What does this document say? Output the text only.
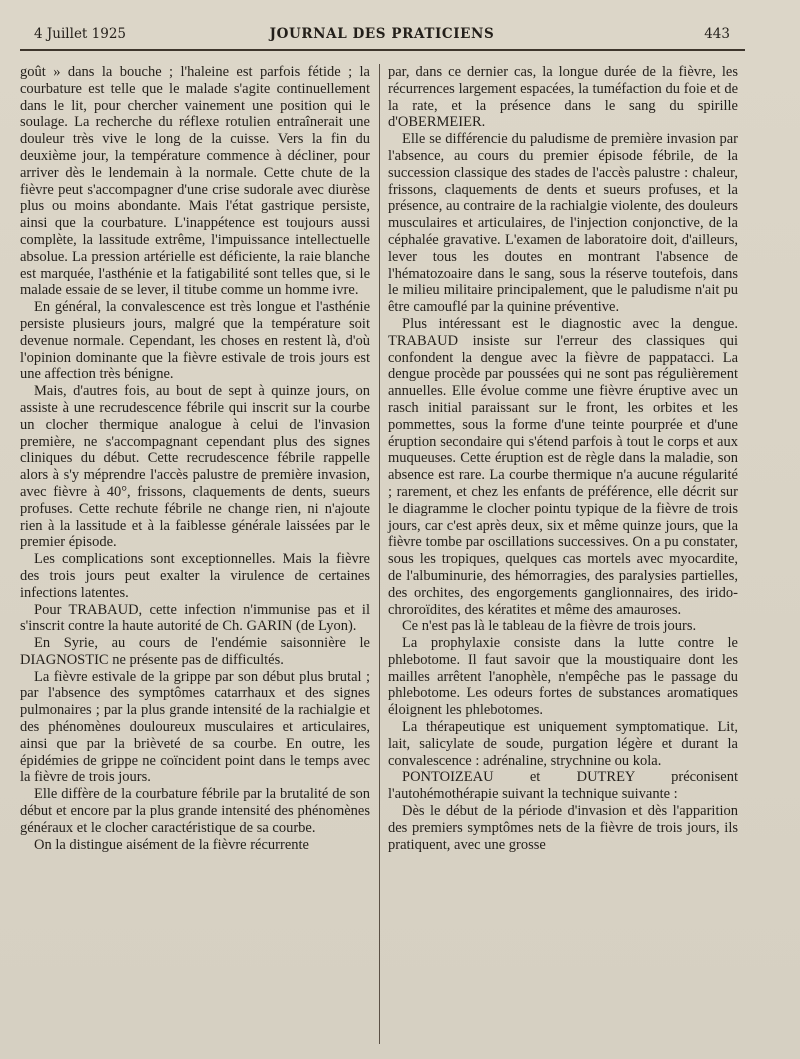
4 Juillet 1925	JOURNAL DES PRATICIENS	443

goût » dans la bouche ; l'haleine est parfois fétide ; la courbature est telle que le malade s'agite continuellement dans le lit, pour chercher vainement une position qui le soulage. La recherche du réflexe rotulien entraînerait une douleur très vive le long de la cuisse. Vers la fin du deuxième jour, la température commence à décliner, pour arriver dès le lendemain à la normale. Cette chute de la fièvre peut s'accompagner d'une crise sudorale avec diurèse plus ou moins abondante. Mais l'état gastrique persiste, ainsi que la courbature. L'inappétence est toujours aussi complète, la lassitude extrême, l'impuissance intellectuelle absolue. La pression artérielle est déficiente, la raie blanche est marquée, l'asthénie et la fatigabilité sont telles que, si le malade essaie de se lever, il titube comme un homme ivre.

En général, la convalescence est très longue et l'asthénie persiste plusieurs jours, malgré que la température soit devenue normale. Cependant, les choses en restent là, d'où l'opinion dominante que la fièvre estivale de trois jours est une affection très bénigne.

Mais, d'autres fois, au bout de sept à quinze jours, on assiste à une recrudescence fébrile qui inscrit sur la courbe un clocher thermique analogue à celui de l'invasion première, ne s'accompagnant cependant plus des signes cliniques du début. Cette recrudescence fébrile rappelle alors à s'y méprendre l'accès palustre de première invasion, avec fièvre à 40°, frissons, claquements de dents, sueurs profuses. Cette rechute fébrile ne change rien, ni n'ajoute rien à la lassitude et à la faiblesse générale laissées par le premier épisode.

Les complications sont exceptionnelles. Mais la fièvre des trois jours peut exalter la virulence de certaines infections latentes.

Pour TRABAUD, cette infection n'immunise pas et il s'inscrit contre la haute autorité de Ch. GARIN (de Lyon).

En Syrie, au cours de l'endémie saisonnière le DIAGNOSTIC ne présente pas de difficultés.

La fièvre estivale de la grippe par son début plus brutal ; par l'absence des symptômes catarrhaux et des signes pulmonaires ; par la plus grande intensité de la rachialgie et des phénomènes douloureux musculaires et articulaires, ainsi que par la brièveté de sa courbe. En outre, les épidémies de grippe ne coïncident point dans le temps avec la fièvre de trois jours.

Elle diffère de la courbature fébrile par la brutalité de son début et encore par la plus grande intensité des phénomènes généraux et le clocher caractéristique de sa courbe.

On la distingue aisément de la fièvre récurrente

par, dans ce dernier cas, la longue durée de la fièvre, les récurrences largement espacées, la tuméfaction du foie et de la rate, et la présence dans le sang du spirille d'OBERMEIER.

Elle se différencie du paludisme de première invasion par l'absence, au cours du premier épisode fébrile, de la succession classique des stades de l'accès palustre : chaleur, frissons, claquements de dents et sueurs profuses, et la présence, au contraire de la rachialgie violente, des douleurs musculaires et articulaires, de l'injection conjonctive, de la céphalée gravative. L'examen de laboratoire doit, d'ailleurs, lever tous les doutes en montrant l'absence de l'hématozoaire dans le sang, sous la réserve toutefois, dans le milieu militaire principalement, que le paludisme n'ait pu être camouflé par la quinine préventive.

Plus intéressant est le diagnostic avec la dengue. TRABAUD insiste sur l'erreur des classiques qui confondent la dengue avec la fièvre de pappatacci. La dengue procède par poussées qui ne sont pas régulièrement annuelles. Elle évolue comme une fièvre éruptive avec un rasch initial paraissant sur le front, les orbites et les pommettes, sous la forme d'une teinte pourprée et d'une éruption secondaire qui s'étend parfois à tout le corps et aux muqueuses. Cette éruption est de règle dans la maladie, son absence est rare. La courbe thermique n'a aucune régularité ; rarement, et chez les enfants de préférence, elle décrit sur le diagramme le clocher pointu typique de la fièvre de trois jours, car c'est après deux, six et même quinze jours, que la fièvre tombe par oscillations successives. On a pu constater, sous les tropiques, quelques cas mortels avec myocardite, de l'albuminurie, des hémorragies, des paralysies partielles, des orchites, des engorgements ganglionnaires, des irido-chroroïdites, des kératites et même des amauroses.

Ce n'est pas là le tableau de la fièvre de trois jours.

La prophylaxie consiste dans la lutte contre le phlebotome. Il faut savoir que la moustiquaire dont les mailles arrêtent l'anophèle, n'empêche pas le passage du phlebotome. Les odeurs fortes de substances aromatiques éloignent les phlebotomes.

La thérapeutique est uniquement symptomatique. Lit, lait, salicylate de soude, purgation légère et durant la convalescence : adrénaline, strychnine ou kola.

PONTOIZEAU et DUTREY préconisent l'autohémothérapie suivant la technique suivante :

Dès le début de la période d'invasion et dès l'apparition des premiers symptômes nets de la fièvre de trois jours, ils pratiquent, avec une grosse
